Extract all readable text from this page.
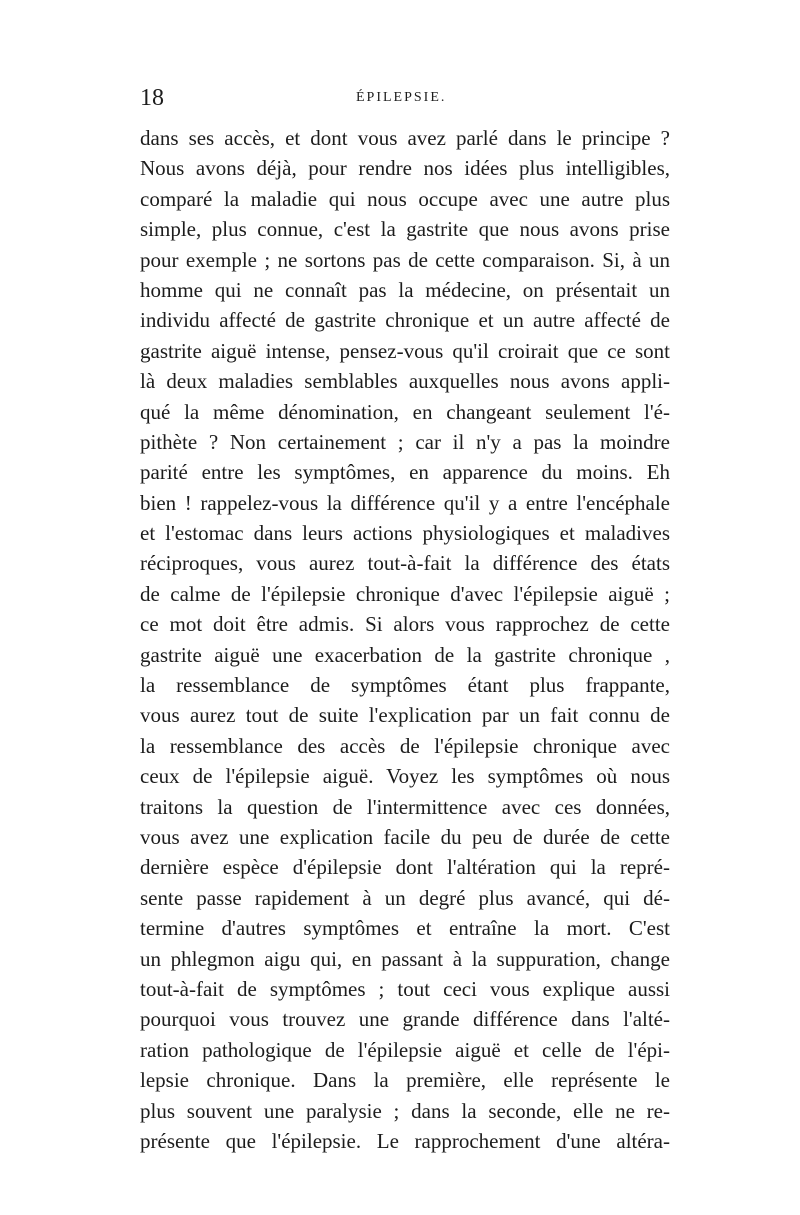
18	ÉPILEPSIE.
dans ses accès, et dont vous avez parlé dans le principe ?
Nous avons déjà, pour rendre nos idées plus intelligibles,
comparé la maladie qui nous occupe avec une autre plus
simple, plus connue, c'est la gastrite que nous avons prise
pour exemple ; ne sortons pas de cette comparaison. Si, à un
homme qui ne connaît pas la médecine, on présentait un
individu affecté de gastrite chronique et un autre affecté de
gastrite aiguë intense, pensez-vous qu'il croirait que ce sont
là deux maladies semblables auxquelles nous avons appli-
qué la même dénomination, en changeant seulement l'é-
pithète ? Non certainement ; car il n'y a pas la moindre
parité entre les symptômes, en apparence du moins. Eh
bien ! rappelez-vous la différence qu'il y a entre l'encéphale
et l'estomac dans leurs actions physiologiques et maladives
réciproques, vous aurez tout-à-fait la différence des états
de calme de l'épilepsie chronique d'avec l'épilepsie aiguë ;
ce mot doit être admis. Si alors vous rapprochez de cette
gastrite aiguë une exacerbation de la gastrite chronique ,
la ressemblance de symptômes étant plus frappante,
vous aurez tout de suite l'explication par un fait connu de
la ressemblance des accès de l'épilepsie chronique avec
ceux de l'épilepsie aiguë. Voyez les symptômes où nous
traitons la question de l'intermittence avec ces données,
vous avez une explication facile du peu de durée de cette
dernière espèce d'épilepsie dont l'altération qui la repré-
sente passe rapidement à un degré plus avancé, qui dé-
termine d'autres symptômes et entraîne la mort. C'est
un phlegmon aigu qui, en passant à la suppuration, change
tout-à-fait de symptômes ; tout ceci vous explique aussi
pourquoi vous trouvez une grande différence dans l'alté-
ration pathologique de l'épilepsie aiguë et celle de l'épi-
lepsie chronique. Dans la première, elle représente le
plus souvent une paralysie ; dans la seconde, elle ne re-
présente que l'épilepsie. Le rapprochement d'une altéra-
